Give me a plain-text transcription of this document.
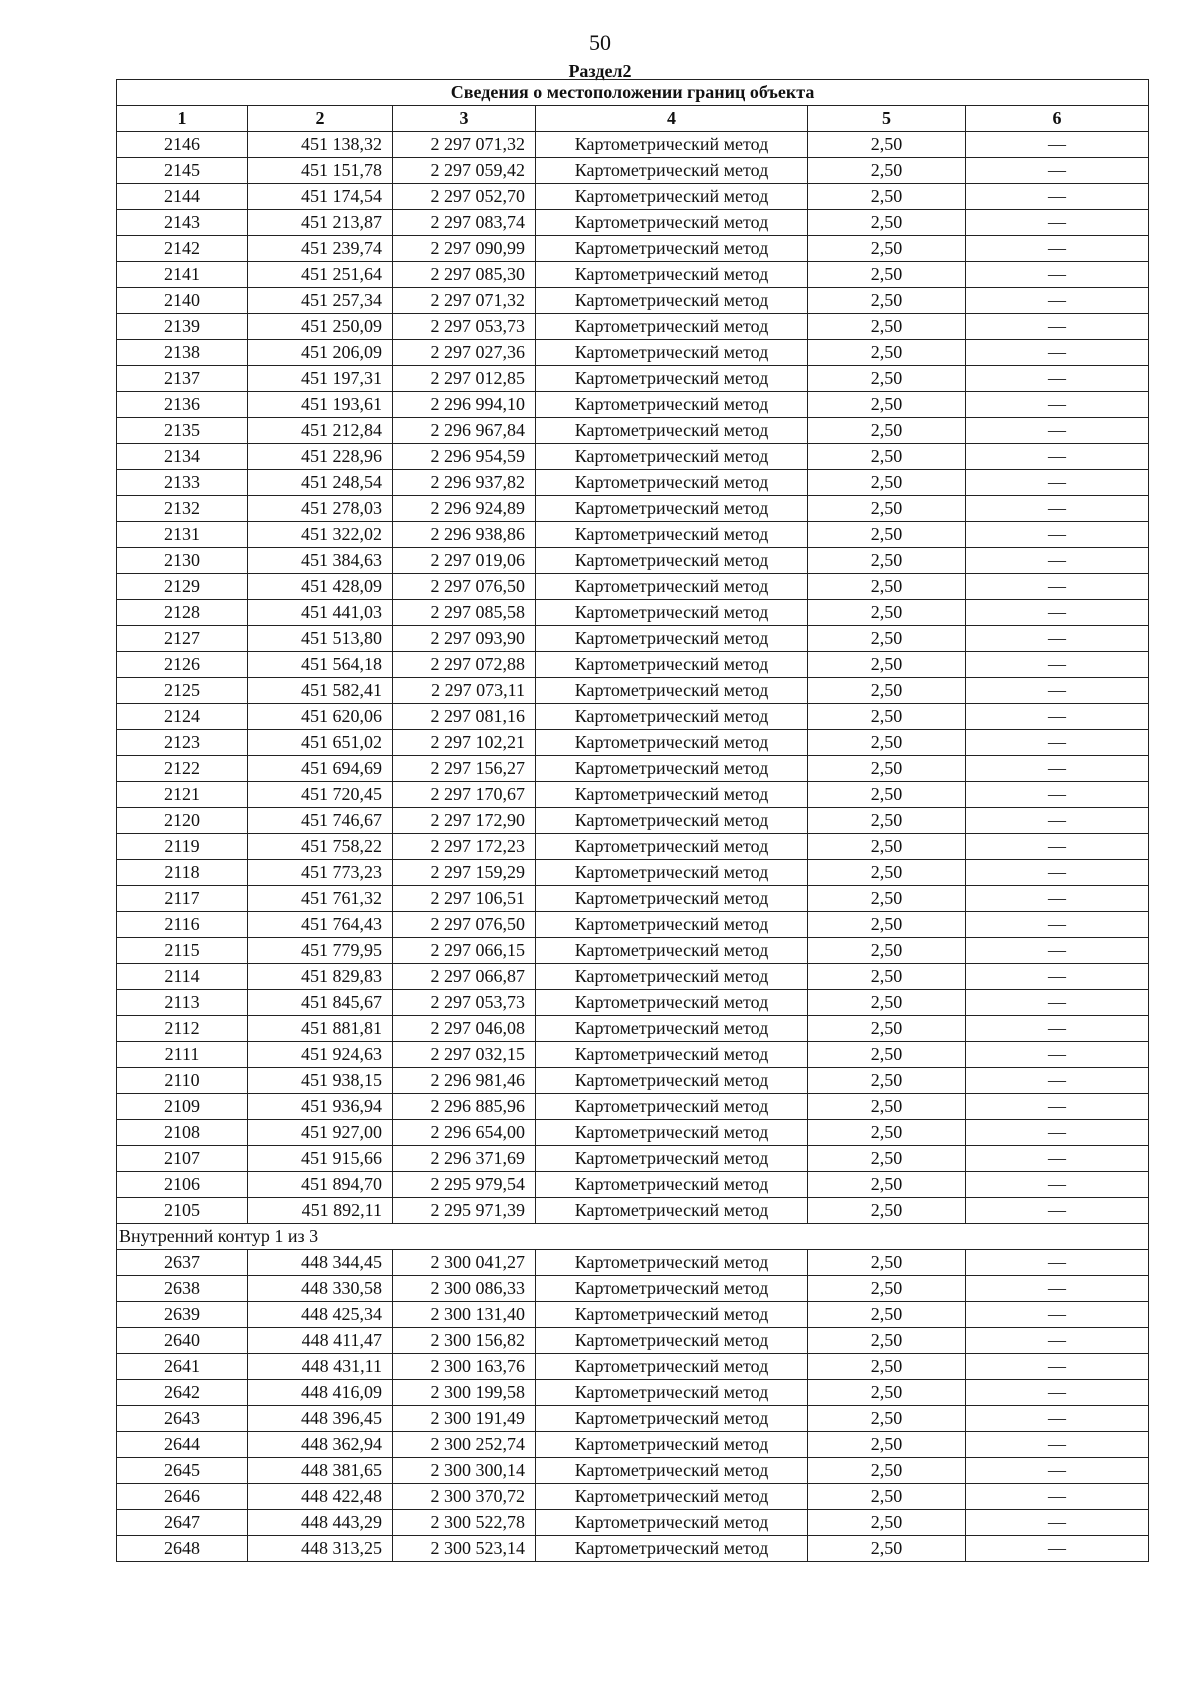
50
Раздел2
Сведения о местоположении границ объекта					
1	2	3	4	5	6
2146	451 138,32	2 297 071,32	Картометрический метод	2,50	—
2145	451 151,78	2 297 059,42	Картометрический метод	2,50	—
2144	451 174,54	2 297 052,70	Картометрический метод	2,50	—
2143	451 213,87	2 297 083,74	Картометрический метод	2,50	—
2142	451 239,74	2 297 090,99	Картометрический метод	2,50	—
2141	451 251,64	2 297 085,30	Картометрический метод	2,50	—
2140	451 257,34	2 297 071,32	Картометрический метод	2,50	—
2139	451 250,09	2 297 053,73	Картометрический метод	2,50	—
2138	451 206,09	2 297 027,36	Картометрический метод	2,50	—
2137	451 197,31	2 297 012,85	Картометрический метод	2,50	—
2136	451 193,61	2 296 994,10	Картометрический метод	2,50	—
2135	451 212,84	2 296 967,84	Картометрический метод	2,50	—
2134	451 228,96	2 296 954,59	Картометрический метод	2,50	—
2133	451 248,54	2 296 937,82	Картометрический метод	2,50	—
2132	451 278,03	2 296 924,89	Картометрический метод	2,50	—
2131	451 322,02	2 296 938,86	Картометрический метод	2,50	—
2130	451 384,63	2 297 019,06	Картометрический метод	2,50	—
2129	451 428,09	2 297 076,50	Картометрический метод	2,50	—
2128	451 441,03	2 297 085,58	Картометрический метод	2,50	—
2127	451 513,80	2 297 093,90	Картометрический метод	2,50	—
2126	451 564,18	2 297 072,88	Картометрический метод	2,50	—
2125	451 582,41	2 297 073,11	Картометрический метод	2,50	—
2124	451 620,06	2 297 081,16	Картометрический метод	2,50	—
2123	451 651,02	2 297 102,21	Картометрический метод	2,50	—
2122	451 694,69	2 297 156,27	Картометрический метод	2,50	—
2121	451 720,45	2 297 170,67	Картометрический метод	2,50	—
2120	451 746,67	2 297 172,90	Картометрический метод	2,50	—
2119	451 758,22	2 297 172,23	Картометрический метод	2,50	—
2118	451 773,23	2 297 159,29	Картометрический метод	2,50	—
2117	451 761,32	2 297 106,51	Картометрический метод	2,50	—
2116	451 764,43	2 297 076,50	Картометрический метод	2,50	—
2115	451 779,95	2 297 066,15	Картометрический метод	2,50	—
2114	451 829,83	2 297 066,87	Картометрический метод	2,50	—
2113	451 845,67	2 297 053,73	Картометрический метод	2,50	—
2112	451 881,81	2 297 046,08	Картометрический метод	2,50	—
2111	451 924,63	2 297 032,15	Картометрический метод	2,50	—
2110	451 938,15	2 296 981,46	Картометрический метод	2,50	—
2109	451 936,94	2 296 885,96	Картометрический метод	2,50	—
2108	451 927,00	2 296 654,00	Картометрический метод	2,50	—
2107	451 915,66	2 296 371,69	Картометрический метод	2,50	—
2106	451 894,70	2 295 979,54	Картометрический метод	2,50	—
2105	451 892,11	2 295 971,39	Картометрический метод	2,50	—
Внутренний контур 1 из 3					
2637	448 344,45	2 300 041,27	Картометрический метод	2,50	—
2638	448 330,58	2 300 086,33	Картометрический метод	2,50	—
2639	448 425,34	2 300 131,40	Картометрический метод	2,50	—
2640	448 411,47	2 300 156,82	Картометрический метод	2,50	—
2641	448 431,11	2 300 163,76	Картометрический метод	2,50	—
2642	448 416,09	2 300 199,58	Картометрический метод	2,50	—
2643	448 396,45	2 300 191,49	Картометрический метод	2,50	—
2644	448 362,94	2 300 252,74	Картометрический метод	2,50	—
2645	448 381,65	2 300 300,14	Картометрический метод	2,50	—
2646	448 422,48	2 300 370,72	Картометрический метод	2,50	—
2647	448 443,29	2 300 522,78	Картометрический метод	2,50	—
2648	448 313,25	2 300 523,14	Картометрический метод	2,50	—
